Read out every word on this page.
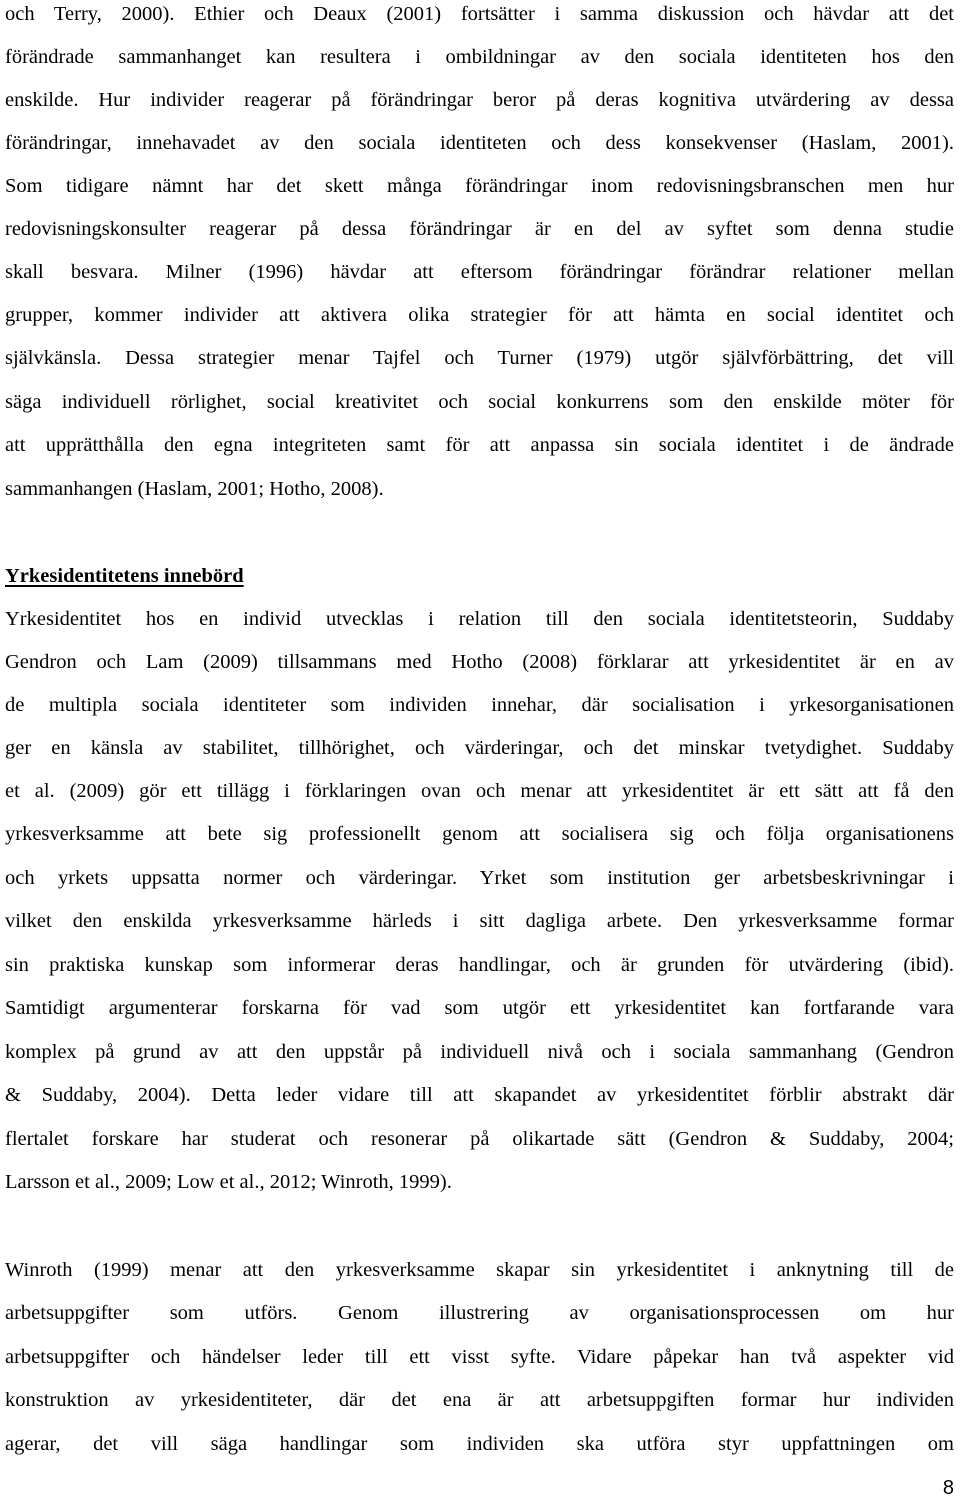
och Terry, 2000). Ethier och Deaux (2001) fortsätter i samma diskussion och hävdar att det
förändrade sammanhanget kan resultera i ombildningar av den sociala identiteten hos den
enskilde. Hur individer reagerar på förändringar beror på deras kognitiva utvärdering av dessa
förändringar, innehavadet av den sociala identiteten och dess konsekvenser (Haslam, 2001).
Som tidigare nämnt har det skett många förändringar inom redovisningsbranschen men hur
redovisningskonsulter reagerar på dessa förändringar är en del av syftet som denna studie
skall besvara. Milner (1996) hävdar att eftersom förändringar förändrar relationer mellan
grupper, kommer individer att aktivera olika strategier för att hämta en social identitet och
självkänsla. Dessa strategier menar Tajfel och Turner (1979) utgör självförbättring, det vill
säga individuell rörlighet, social kreativitet och social konkurrens som den enskilde möter för
att upprätthålla den egna integriteten samt för att anpassa sin sociala identitet i de ändrade
sammanhangen (Haslam, 2001; Hotho, 2008).
Yrkesidentitetens innebörd
Yrkesidentitet hos en individ utvecklas i relation till den sociala identitetsteorin, Suddaby
Gendron och Lam (2009) tillsammans med Hotho (2008) förklarar att yrkesidentitet är en av
de multipla sociala identiteter som individen innehar, där socialisation i yrkesorganisationen
ger en känsla av stabilitet, tillhörighet, och värderingar, och det minskar tvetydighet. Suddaby
et al. (2009) gör ett tillägg i förklaringen ovan och menar att yrkesidentitet är ett sätt att få den
yrkesverksamme att bete sig professionellt genom att socialisera sig och följa organisationens
och yrkets uppsatta normer och värderingar. Yrket som institution ger arbetsbeskrivningar i
vilket den enskilda yrkesverksamme härleds i sitt dagliga arbete. Den yrkesverksamme formar
sin praktiska kunskap som informerar deras handlingar, och är grunden för utvärdering (ibid).
Samtidigt argumenterar forskarna för vad som utgör ett yrkesidentitet kan fortfarande vara
komplex på grund av att den uppstår på individuell nivå och i sociala sammanhang (Gendron
& Suddaby, 2004). Detta leder vidare till att skapandet av yrkesidentitet förblir abstrakt där
flertalet forskare har studerat och resonerar på olikartade sätt (Gendron & Suddaby, 2004;
Larsson et al., 2009; Low et al., 2012; Winroth, 1999).
Winroth (1999) menar att den yrkesverksamme skapar sin yrkesidentitet i anknytning till de
arbetsuppgifter som utförs. Genom illustrering av organisationsprocessen om hur
arbetsuppgifter och händelser leder till ett visst syfte. Vidare påpekar han två aspekter vid
konstruktion av yrkesidentiteter, där det ena är att arbetsuppgiften formar hur individen
agerar, det vill säga handlingar som individen ska utföra styr uppfattningen om
8
